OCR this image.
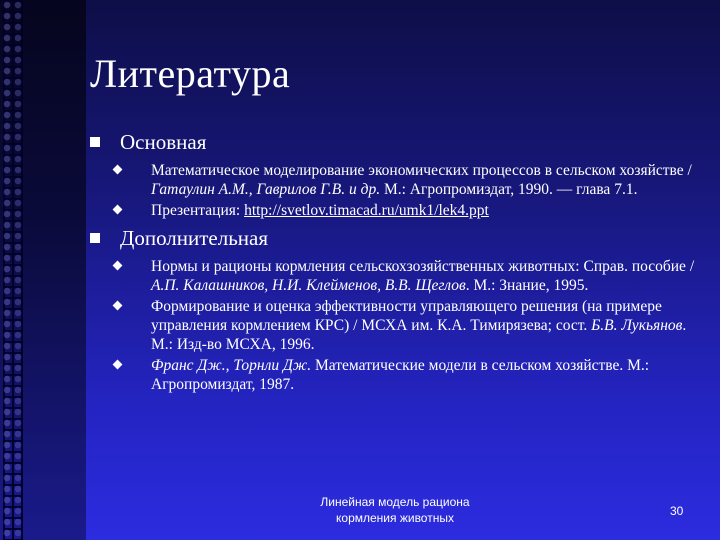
Литература
Основная
Математическое моделирование экономических процессов в сельском хозяйстве / Гатаулин А.М., Гаврилов Г.В. и др. М.: Агропромиздат, 1990. — глава 7.1.
Презентация: http://svetlov.timacad.ru/umk1/lek4.ppt
Дополнительная
Нормы и рационы кормления сельскохзозяйственных животных: Справ. пособие / А.П. Калашников, Н.И. Клейменов, В.В. Щеглов. М.: Знание, 1995.
Формирование и оценка эффективности управляющего решения (на примере управления кормлением КРС) / МСХА им. К.А. Тимирязева; сост. Б.В. Лукьянов. М.: Изд-во МСХА, 1996.
Франс Дж., Торнли Дж. Математические модели в сельском хозяйстве. М.: Агропромиздат, 1987.
Линейная модель рациона
кормления животных	30
